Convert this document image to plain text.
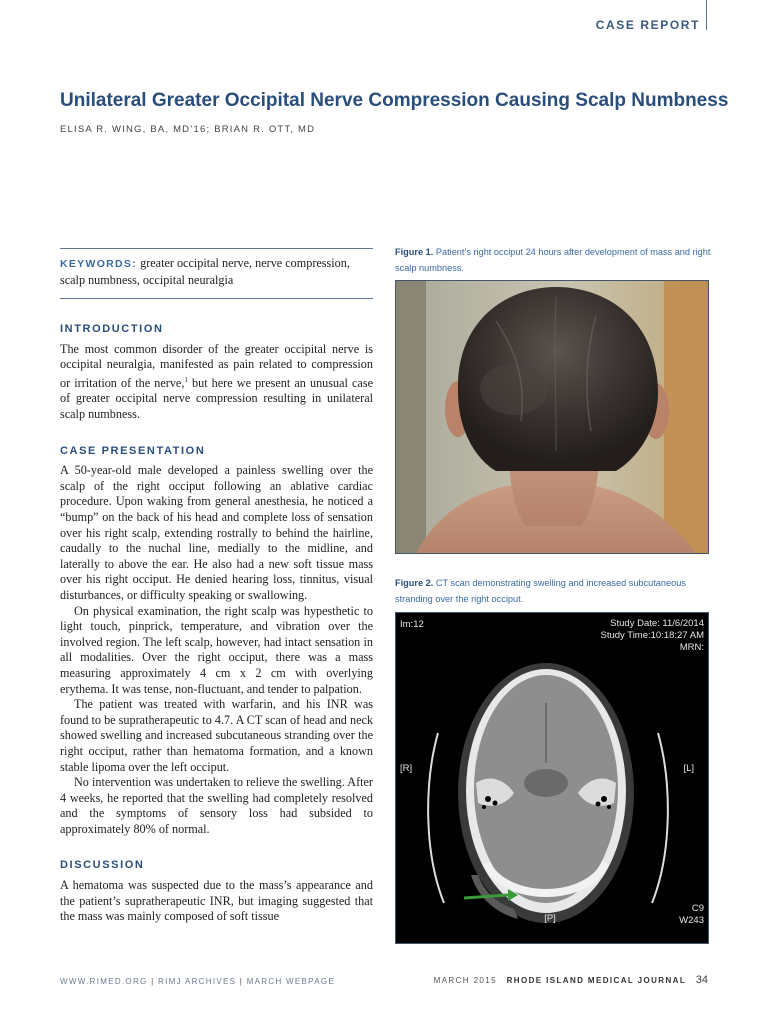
CASE REPORT
Unilateral Greater Occipital Nerve Compression Causing Scalp Numbness
ELISA R. WING, BA, MD’16; BRIAN R. OTT, MD
KEYWORDS: greater occipital nerve, nerve compression, scalp numbness, occipital neuralgia
INTRODUCTION

The most common disorder of the greater occipital nerve is occipital neuralgia, manifested as pain related to compression or irritation of the nerve,$^1$ but here we present an unusual case of greater occipital nerve compression resulting in unilateral scalp numbness.

CASE PRESENTATION

A 50-year-old male developed a painless swelling over the scalp of the right occiput following an ablative cardiac procedure. Upon waking from general anesthesia, he noticed a “bump” on the back of his head and complete loss of sensation over his right scalp, extending rostrally to behind the hairline, caudally to the nuchal line, medially to the midline, and laterally to above the ear. He also had a new soft tissue mass over his right occiput. He denied hearing loss, tinnitus, visual disturbances, or difficulty speaking or swallowing.

On physical examination, the right scalp was hypesthetic to light touch, pinprick, temperature, and vibration over the involved region. The left scalp, however, had intact sensation in all modalities. Over the right occiput, there was a mass measuring approximately 4 cm x 2 cm with overlying erythema. It was tense, non-fluctuant, and tender to palpation.

The patient was treated with warfarin, and his INR was found to be supratherapeutic to 4.7. A CT scan of head and neck showed swelling and increased subcutaneous stranding over the right occiput, rather than hematoma formation, and a known stable lipoma over the left occiput.

No intervention was undertaken to relieve the swelling. After 4 weeks, he reported that the swelling had completely resolved and the symptoms of sensory loss had subsided to approximately 80% of normal.

DISCUSSION

A hematoma was suspected due to the mass’s appearance and the patient’s supratherapeutic INR, but imaging suggested that the mass was mainly composed of soft tissue

Figure 1. Patient’s right occiput 24 hours after development of mass and right scalp numbness.
Figure 2. CT scan demonstrating swelling and increased subcutaneous stranding over the right occiput.
Im:12	Study Date: 11/6/2014
Study Time:10:18:27 AM
MRN:
[R]	[L]
[P]
C9
W243
WWW.RIMED.ORG | RIMJ ARCHIVES | MARCH WEBPAGE	MARCH 2015 RHODE ISLAND MEDICAL JOURNAL 34
